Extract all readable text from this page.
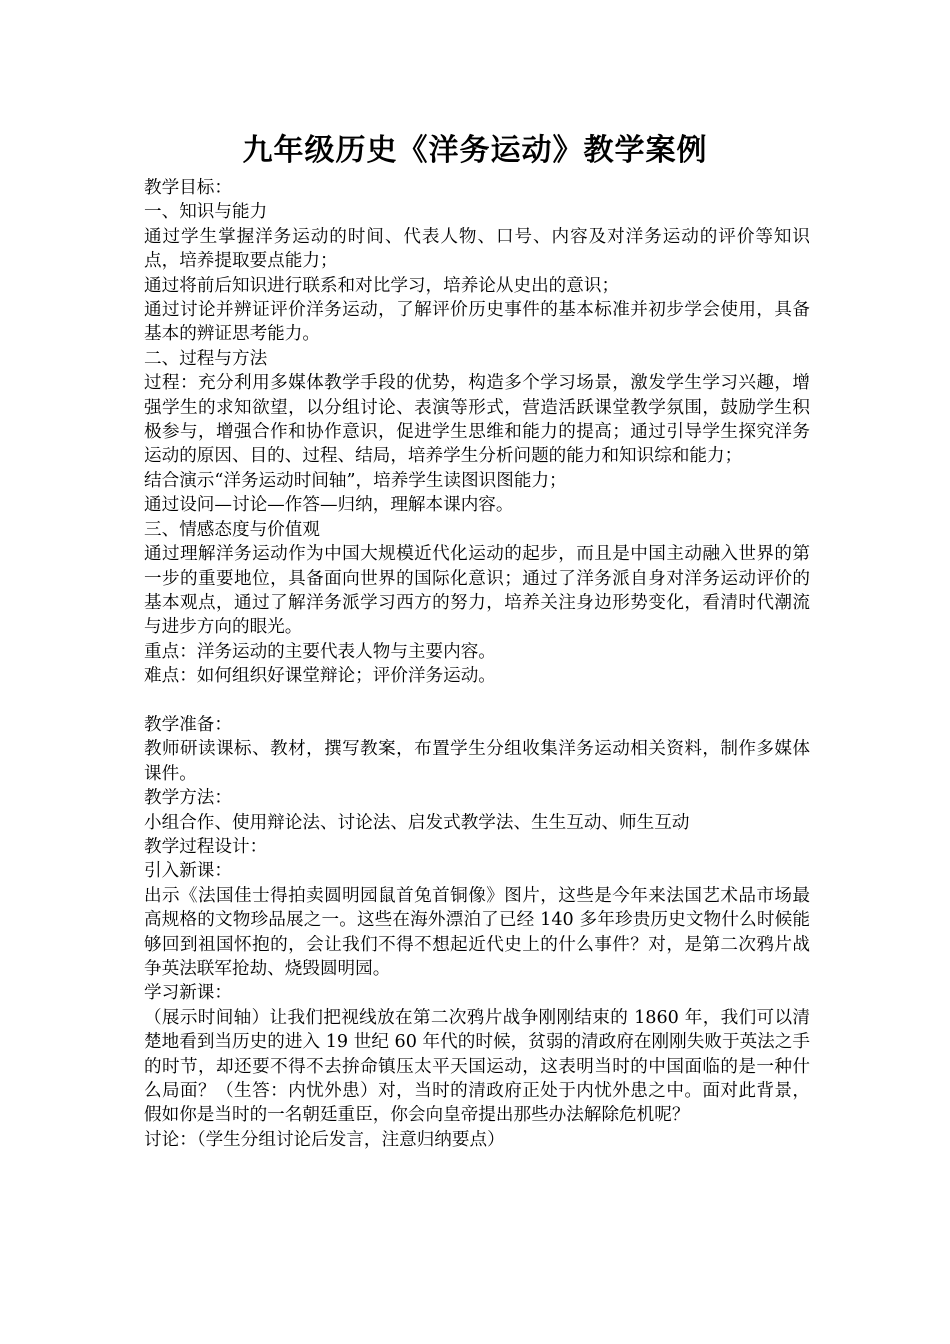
九年级历史《洋务运动》教学案例

教学目标：

一、知识与能力

通过学生掌握洋务运动的时间、代表人物、口号、内容及对洋务运动的评价等知识点，培养提取要点能力；

通过将前后知识进行联系和对比学习，培养论从史出的意识；

通过讨论并辨证评价洋务运动，了解评价历史事件的基本标准并初步学会使用，具备基本的辨证思考能力。

二、过程与方法

过程：充分利用多媒体教学手段的优势，构造多个学习场景，激发学生学习兴趣，增强学生的求知欲望，以分组讨论、表演等形式，营造活跃课堂教学氛围，鼓励学生积极参与，增强合作和协作意识，促进学生思维和能力的提高；通过引导学生探究洋务运动的原因、目的、过程、结局，培养学生分析问题的能力和知识综和能力；

结合演示“洋务运动时间轴”，培养学生读图识图能力；

通过设问—讨论—作答—归纳，理解本课内容。

三、情感态度与价值观

通过理解洋务运动作为中国大规模近代化运动的起步，而且是中国主动融入世界的第一步的重要地位，具备面向世界的国际化意识；通过了洋务派自身对洋务运动评价的基本观点，通过了解洋务派学习西方的努力，培养关注身边形势变化，看清时代潮流与进步方向的眼光。

重点：洋务运动的主要代表人物与主要内容。

难点：如何组织好课堂辩论；评价洋务运动。

教学准备：

教师研读课标、教材，撰写教案，布置学生分组收集洋务运动相关资料，制作多媒体课件。

教学方法：

小组合作、使用辩论法、讨论法、启发式教学法、生生互动、师生互动

教学过程设计：

引入新课：

出示《法国佳士得拍卖圆明园鼠首兔首铜像》图片，这些是今年来法国艺术品市场最高规格的文物珍品展之一。这些在海外漂泊了已经 140 多年珍贵历史文物什么时候能够回到祖国怀抱的，会让我们不得不想起近代史上的什么事件？对，是第二次鸦片战争英法联军抢劫、烧毁圆明园。

学习新课：

（展示时间轴）让我们把视线放在第二次鸦片战争刚刚结束的 1860 年，我们可以清楚地看到当历史的进入 19 世纪 60 年代的时候，贫弱的清政府在刚刚失败于英法之手的时节，却还要不得不去拚命镇压太平天国运动，这表明当时的中国面临的是一种什么局面？（生答：内忧外患）对，当时的清政府正处于内忧外患之中。面对此背景，假如你是当时的一名朝廷重臣，你会向皇帝提出那些办法解除危机呢？

讨论：（学生分组讨论后发言，注意归纳要点）
